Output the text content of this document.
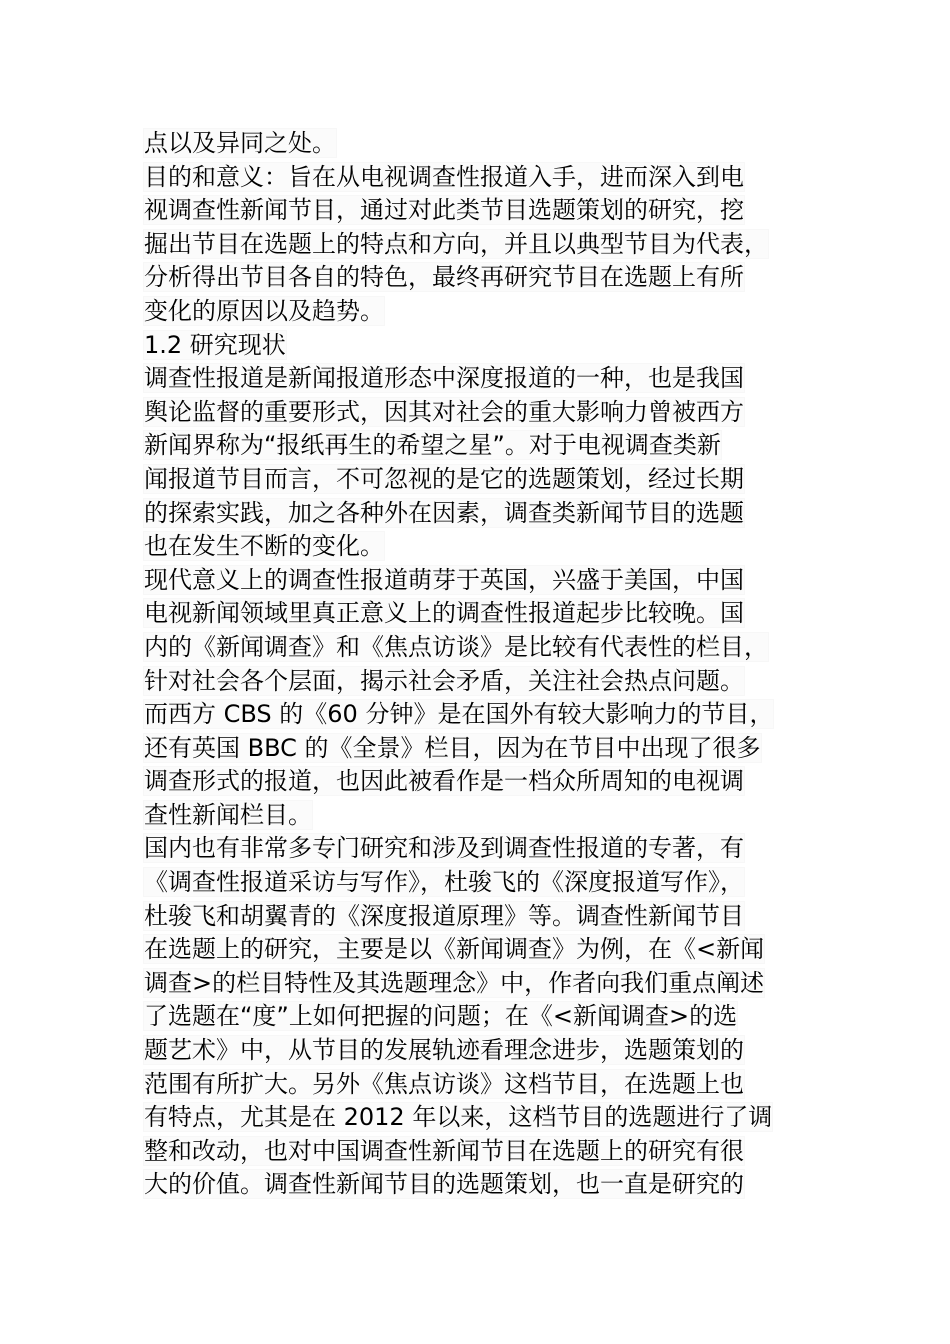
点以及异同之处。
目的和意义：旨在从电视调查性报道入手，进而深入到电
视调查性新闻节目，通过对此类节目选题策划的研究，挖
掘出节目在选题上的特点和方向，并且以典型节目为代表，
分析得出节目各自的特色，最终再研究节目在选题上有所
变化的原因以及趋势。
1.2 研究现状
调查性报道是新闻报道形态中深度报道的一种，也是我国
舆论监督的重要形式，因其对社会的重大影响力曾被西方
新闻界称为“报纸再生的希望之星”。对于电视调查类新
闻报道节目而言，不可忽视的是它的选题策划，经过长期
的探索实践，加之各种外在因素，调查类新闻节目的选题
也在发生不断的变化。
现代意义上的调查性报道萌芽于英国，兴盛于美国，中国
电视新闻领域里真正意义上的调查性报道起步比较晚。国
内的《新闻调查》和《焦点访谈》是比较有代表性的栏目，
针对社会各个层面，揭示社会矛盾，关注社会热点问题。
而西方 CBS 的《60 分钟》是在国外有较大影响力的节目，
还有英国 BBC 的《全景》栏目，因为在节目中出现了很多
调查形式的报道，也因此被看作是一档众所周知的电视调
查性新闻栏目。
国内也有非常多专门研究和涉及到调查性报道的专著，有
《调查性报道采访与写作》，杜骏飞的《深度报道写作》，
杜骏飞和胡翼青的《深度报道原理》等。调查性新闻节目
在选题上的研究，主要是以《新闻调查》为例，在《<新闻
调查>的栏目特性及其选题理念》中，作者向我们重点阐述
了选题在“度”上如何把握的问题；在《<新闻调查>的选
题艺术》中，从节目的发展轨迹看理念进步，选题策划的
范围有所扩大。另外《焦点访谈》这档节目，在选题上也
有特点，尤其是在 2012 年以来，这档节目的选题进行了调
整和改动，也对中国调查性新闻节目在选题上的研究有很
大的价值。调查性新闻节目的选题策划，也一直是研究的
